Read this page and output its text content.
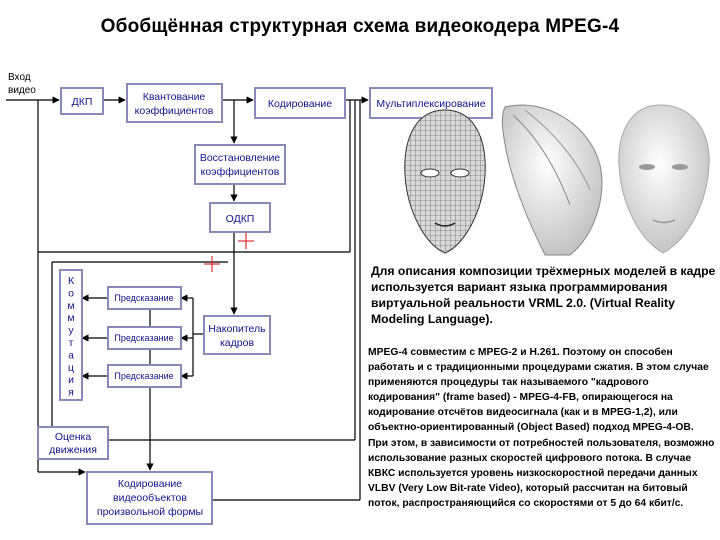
Обобщённая структурная схема видеокодера MPEG-4
Вход
видео
ДКП	Квантование
коэффициентов
Кодирование	Мультиплексирование
Восстановление
коэффициентов
ОДКП
К
о
м
м
у
т
а
ц
и
я
Предсказание
Предсказание
Предсказание
Накопитель
кадров
Оценка
движения
Кодирование
видеообъектов
произвольной формы
Для описания композиции трёхмерных моделей в кадре используется вариант языка программирования виртуальной реальности VRML 2.0. (Virtual Reality Modeling Language).
MPEG-4 совместим с MPEG-2 и H.261. Поэтому он способен работать и с традиционными процедурами сжатия. В этом случае применяются процедуры так называемого "кадрового кодирования" (frame based) - MPEG-4-FB, опирающегося на кодирование отсчётов видеосигнала (как и в MPEG-1,2), или объектно-ориентированный (Object Based) подход MPEG-4-OB. При этом, в зависимости от потребностей пользователя, возможно использование разных скоростей цифрового потока. В случае КВКС используется уровень низкоскоростной передачи данных VLBV (Very Low Bit-rate Video), который рассчитан на битовый поток, распространяющийся со скоростями от 5 до 64 кбит/с.
